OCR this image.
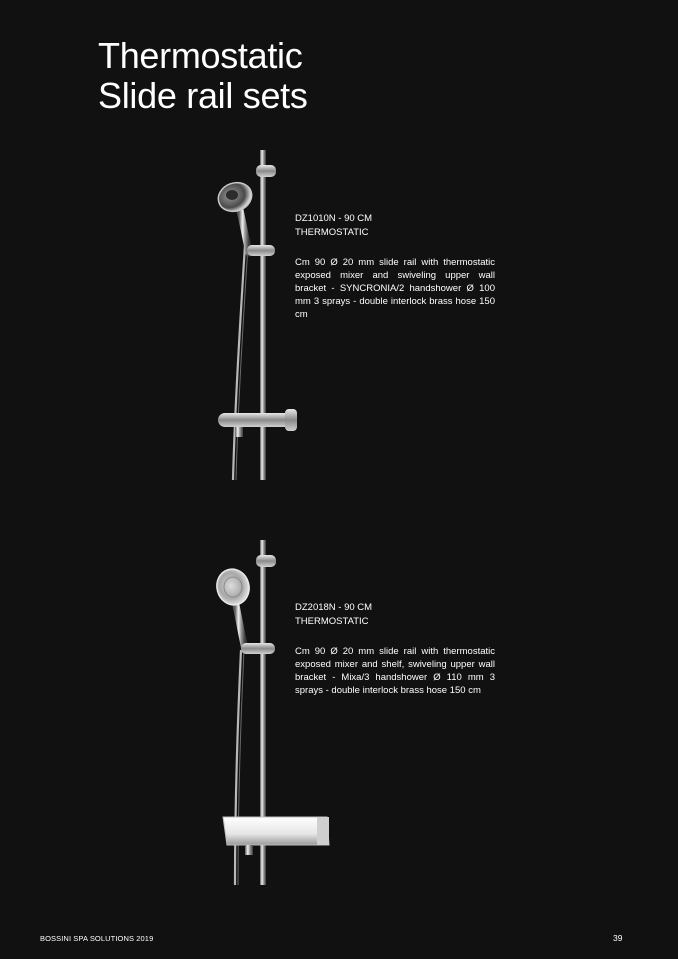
Thermostatic
Slide rail sets
DZ1010N - 90 CM
THERMOSTATIC
Cm 90 Ø 20 mm slide rail with thermostatic exposed mixer and swiveling upper wall bracket - SYNCRONIA/2 handshower Ø 100 mm 3 sprays - double interlock brass hose 150 cm
DZ2018N - 90 CM
THERMOSTATIC
Cm 90 Ø 20 mm slide rail with thermostatic exposed mixer and shelf, swiveling upper wall bracket - Mixa/3 handshower Ø 110 mm 3 sprays - double interlock brass hose 150 cm
BOSSINI SPA SOLUTIONS 2019	39
